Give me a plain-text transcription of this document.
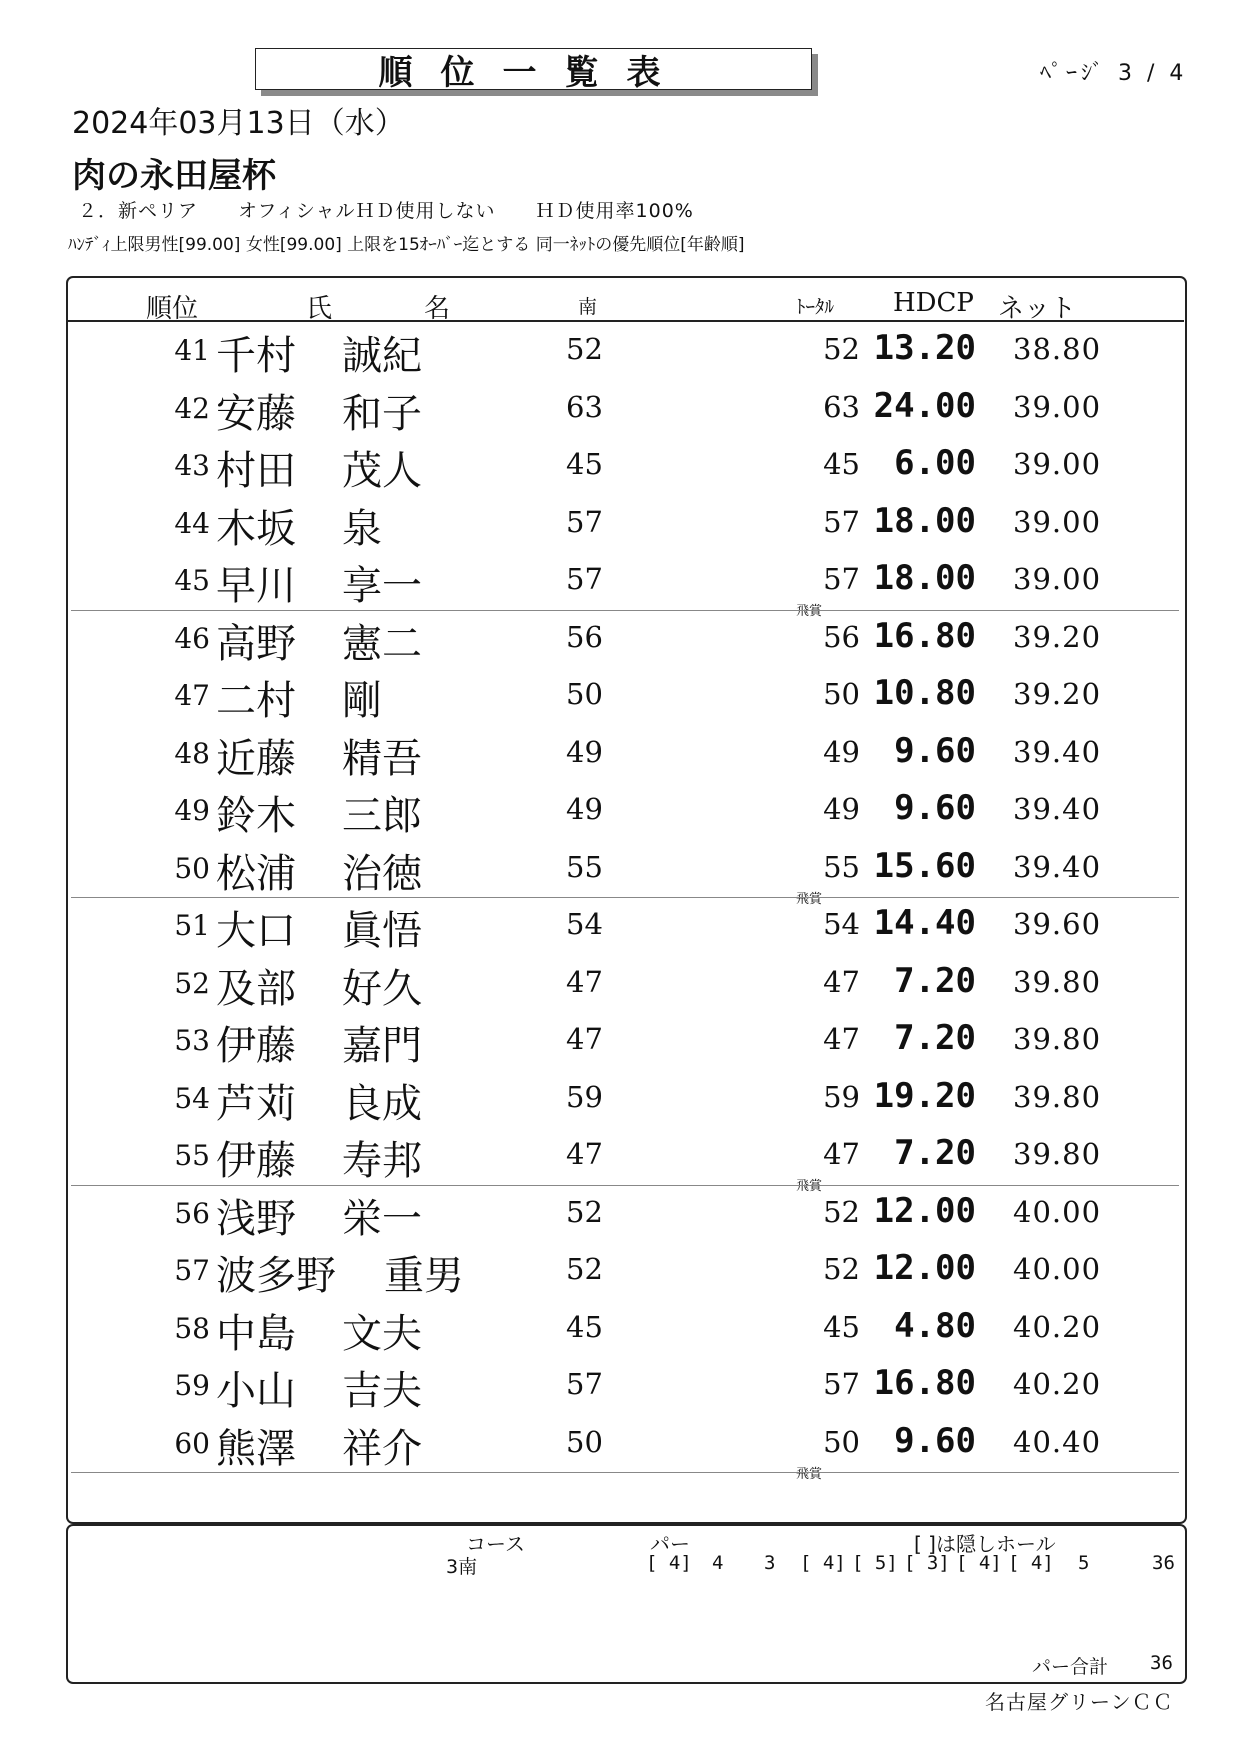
順位一覧表	ﾍﾟｰｼﾞ 3 / 4
2024年03月13日（水）
肉の永田屋杯
２．新ペリア　　オフィシャルＨＤ使用しない　　ＨＤ使用率100%
ﾊﾝﾃﾞｨ上限男性[99.00] 女性[99.00] 上限を15ｵｰﾊﾞｰ迄とする 同一ﾈｯﾄの優先順位[年齢順]
順位	氏	名	南	ﾄｰﾀﾙ HDCP ネット
41 千村 誠紀	52	52 13.20 38.80
42 安藤 和子	63	63 24.00 39.00
43 村田 茂人	45	45	6.00 39.00
44 木坂 泉	57	57 18.00 39.00
45 早川 享一	57	57 18.00 39.00
飛賞
46 高野 憲二	56	56 16.80 39.20
47 二村 剛	50	50 10.80 39.20
48 近藤 精吾	49	49	9.60 39.40
49 鈴木 三郎	49	49	9.60 39.40
50 松浦 治徳	55	55 15.60 39.40
飛賞
51 大口 眞悟	54	54 14.40 39.60
52 及部 好久	47	47	7.20 39.80
53 伊藤 嘉門	47	47	7.20 39.80
54 芦苅 良成	59	59 19.20 39.80
55 伊藤 寿邦	47	47	7.20 39.80
飛賞
56 浅野 栄一	52	52 12.00 40.00
57 波多野 重男	52	52 12.00 40.00
58 中島 文夫	45	45	4.80 40.20
59 小山 吉夫	57	57 16.80 40.20
60 熊澤 祥介	50	50	9.60 40.40
飛賞
コース	パー	[ ]は隠しホール
3南	[ 4] 4 3 [ 4] [ 5] [ 3] [ 4] [ 4] 5	36
パー合計 36
名古屋グリーンＣＣ
